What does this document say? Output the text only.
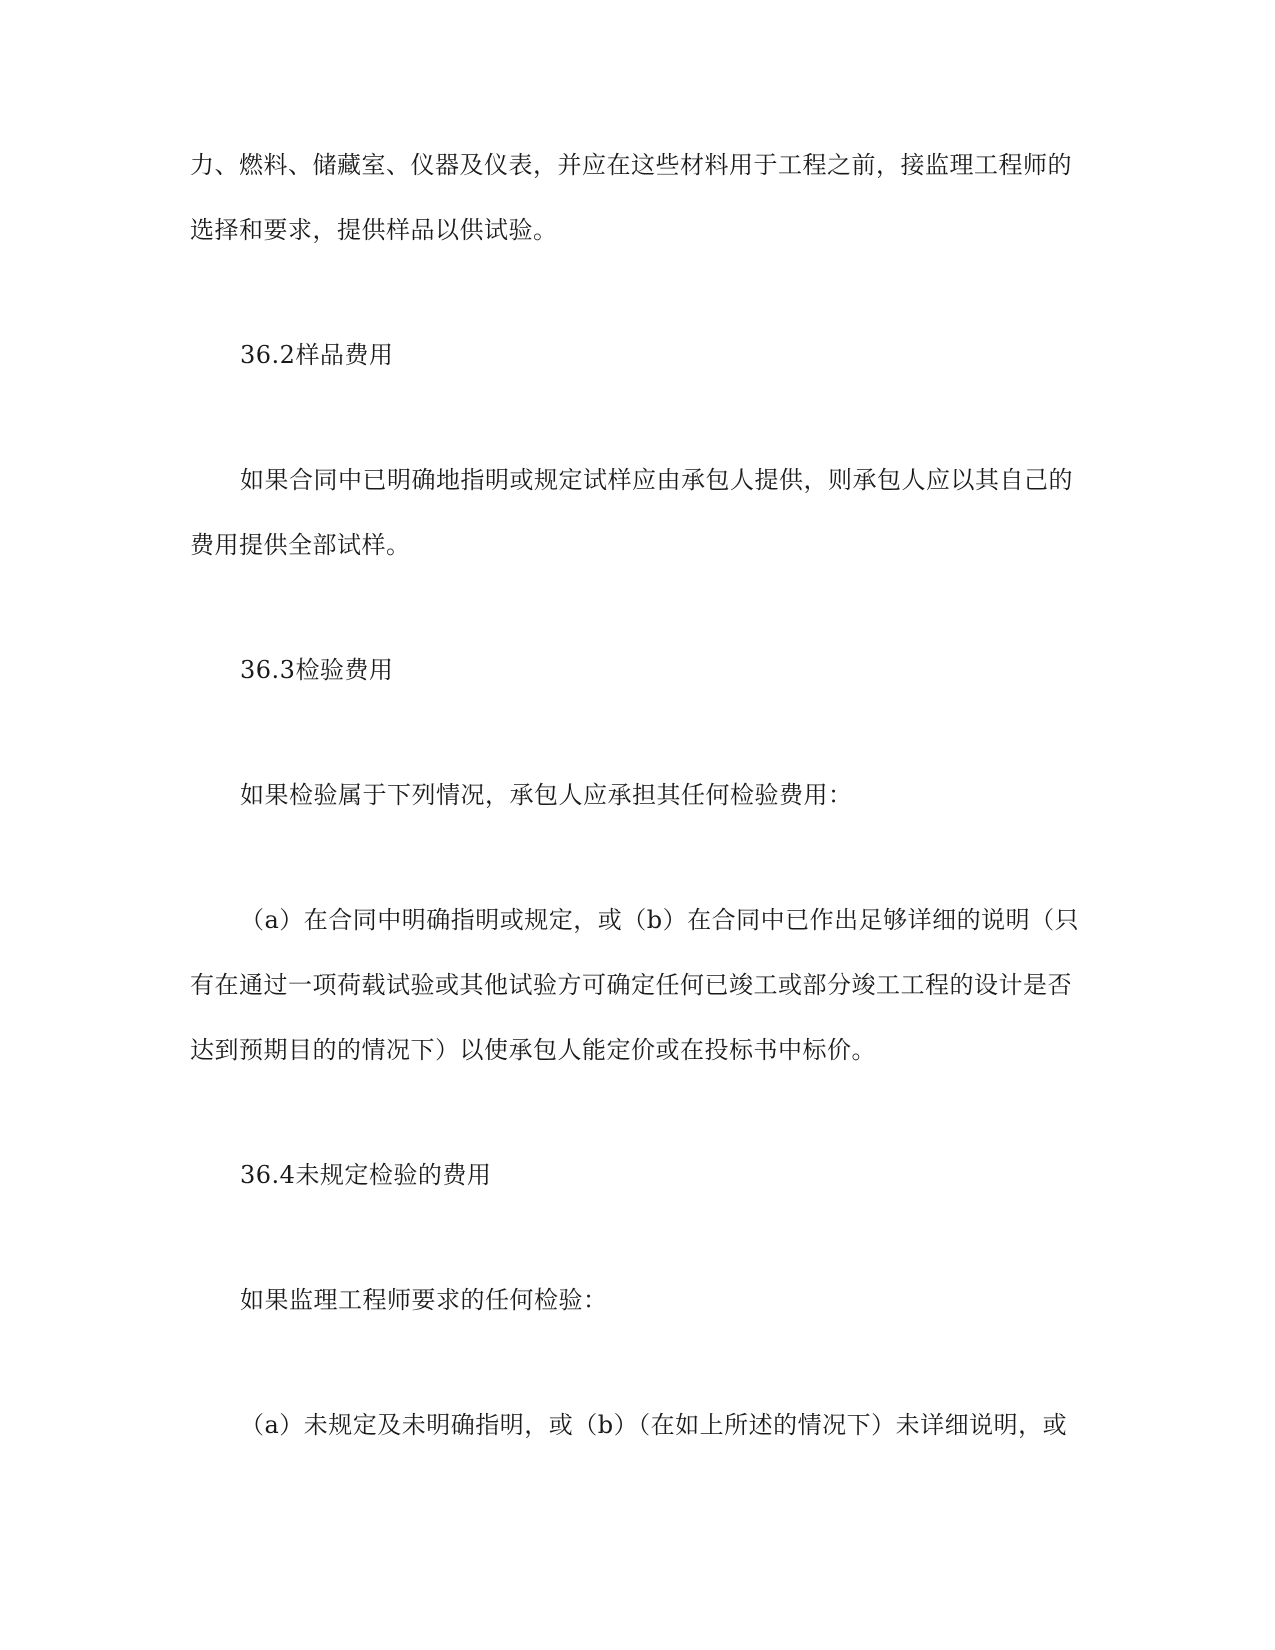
力、燃料、储藏室、仪器及仪表，并应在这些材料用于工程之前，接监理工程师的
选择和要求，提供样品以供试验。
36.2样品费用
如果合同中已明确地指明或规定试样应由承包人提供，则承包人应以其自己的
费用提供全部试样。
36.3检验费用
如果检验属于下列情况，承包人应承担其任何检验费用：
（a）在合同中明确指明或规定，或（b）在合同中已作出足够详细的说明（只
有在通过一项荷载试验或其他试验方可确定任何已竣工或部分竣工工程的设计是否
达到预期目的的情况下）以使承包人能定价或在投标书中标价。
36.4未规定检验的费用
如果监理工程师要求的任何检验：
（a）未规定及未明确指明，或（b）（在如上所述的情况下）未详细说明，或
